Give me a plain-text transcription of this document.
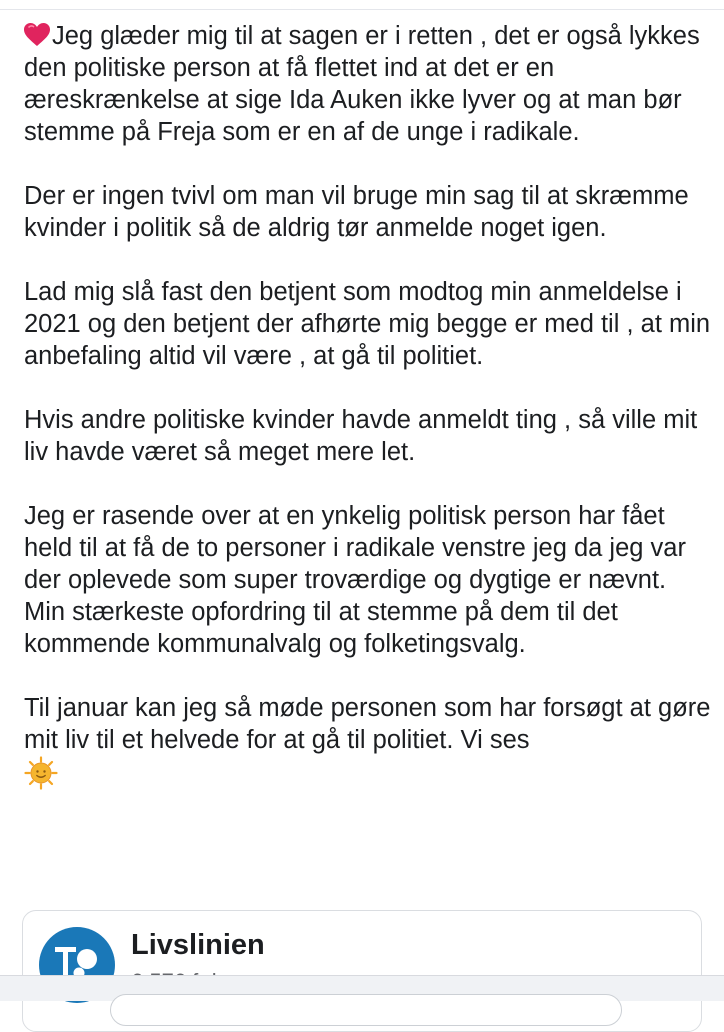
Jeg glæder mig til at sagen er i retten , det er også lykkes den politiske person at få flettet ind at det er en æreskrænkelse at sige Ida Auken ikke lyver og at man bør stemme på Freja som er en af de unge i radikale.

Der er ingen tvivl om man vil bruge min sag til at skræmme kvinder i politik så de aldrig tør anmelde noget igen.

Lad mig slå fast den betjent som modtog min anmeldelse i 2021 og den betjent der afhørte mig begge er med til , at min anbefaling altid vil være , at gå til politiet.

Hvis andre politiske kvinder havde anmeldt ting , så ville mit liv havde været så meget mere let.

Jeg er rasende over at en ynkelig politisk person har fået held til at få de to personer i radikale venstre jeg da jeg var der oplevede som super troværdige og dygtige er nævnt. Min stærkeste opfordring til at stemme på dem til det kommende kommunalvalg og folketingsvalg.

Til januar kan jeg så møde personen som har forsøgt at gøre mit liv til et helvede for at gå til politiet. Vi ses

Livslinien
